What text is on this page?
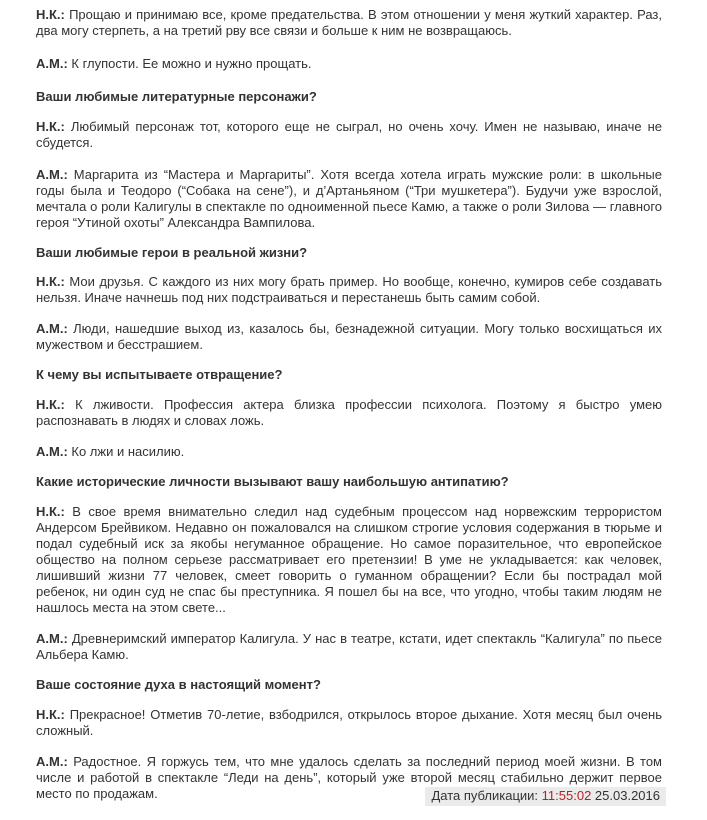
Н.К.: Прощаю и принимаю все, кроме предательства. В этом отношении у меня жуткий характер. Раз, два могу стерпеть, а на третий рву все связи и больше к ним не возвращаюсь.

А.М.: К глупости. Ее можно и нужно прощать.

Ваши любимые литературные персонажи?

Н.К.: Любимый персонаж тот, которого еще не сыграл, но очень хочу. Имен не называю, иначе не сбудется.

А.М.: Маргарита из “Мастера и Маргариты”. Хотя всегда хотела играть мужские роли: в школьные годы была и Теодоро (“Собака на сене”), и д’Артаньяном (“Три мушкетера”). Будучи уже взрослой, мечтала о роли Калигулы в спектакле по одноименной пьесе Камю, а также о роли Зилова — главного героя “Утиной охоты” Александра Вампилова.

Ваши любимые герои в реальной жизни?

Н.К.: Мои друзья. С каждого из них могу брать пример. Но вообще, конечно, кумиров себе создавать нельзя. Иначе начнешь под них подстраиваться и перестанешь быть самим собой.

А.М.: Люди, нашедшие выход из, казалось бы, безнадежной ситуации. Могу только восхищаться их мужеством и бесстрашием.

К чему вы испытываете отвращение?

Н.К.: К лживости. Профессия актера близка профессии психолога. Поэтому я быстро умею распознавать в людях и словах ложь.

А.М.: Ко лжи и насилию.

Какие исторические личности вызывают вашу наибольшую антипатию?

Н.К.: В свое время внимательно следил над судебным процессом над норвежским террористом Андерсом Брейвиком. Недавно он пожаловался на слишком строгие условия содержания в тюрьме и подал судебный иск за якобы негуманное обращение. Но самое поразительное, что европейское общество на полном серьезе рассматривает его претензии! В уме не укладывается: как человек, лишивший жизни 77 человек, смеет говорить о гуманном обращении? Если бы пострадал мой ребенок, ни один суд не спас бы преступника. Я пошел бы на все, что угодно, чтобы таким людям не нашлось места на этом свете...

А.М.: Древнеримский император Калигула. У нас в театре, кстати, идет спектакль “Калигула” по пьесе Альбера Камю.

Ваше состояние духа в настоящий момент?

Н.К.: Прекрасное! Отметив 70-летие, взбодрился, открылось второе дыхание. Хотя месяц был очень сложный.

А.М.: Радостное. Я горжусь тем, что мне удалось сделать за последний период моей жизни. В том числе и работой в спектакле “Леди на день”, который уже второй месяц стабильно держит первое место по продажам.	Дата публикации: 11:55:02 25.03.2016
